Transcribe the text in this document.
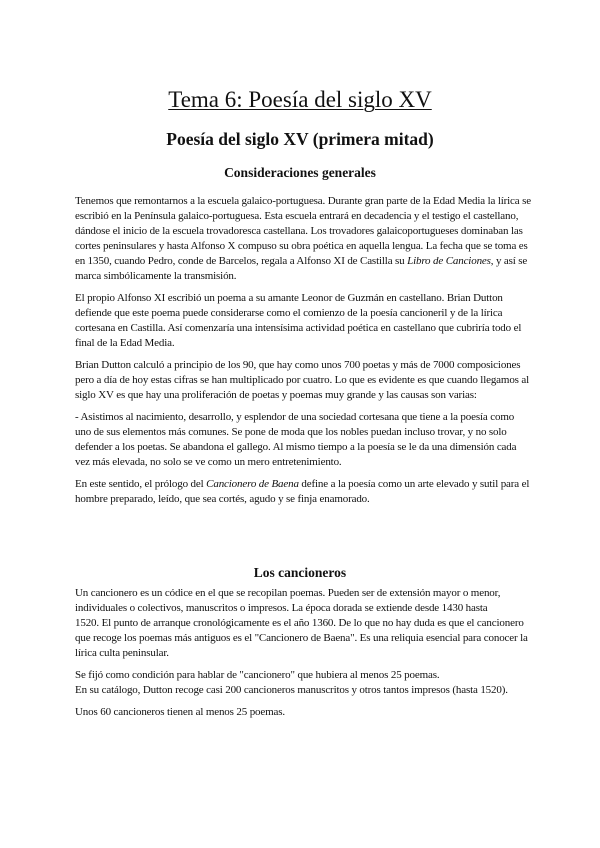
Tema 6: Poesía del siglo XV
Poesía del siglo XV (primera mitad)
Consideraciones generales

Tenemos que remontarnos a la escuela galaico-portuguesa. Durante gran parte de la Edad Media la lírica se escribió en la Península galaico-portuguesa. Esta escuela entrará en decadencia y el testigo el castellano, dándose el inicio de la escuela trovadoresca castellana. Los trovadores galaicoportugueses dominaban las cortes peninsulares y hasta Alfonso X compuso su obra poética en aquella lengua. La fecha que se toma es en 1350, cuando Pedro, conde de Barcelos, regala a Alfonso XI de Castilla su Libro de Canciones, y así se marca simbólicamente la transmisión.

El propio Alfonso XI escribió un poema a su amante Leonor de Guzmán en castellano. Brian Dutton defiende que este poema puede considerarse como el comienzo de la poesía cancioneril y de la lírica cortesana en Castilla. Así comenzaría una intensísima actividad poética en castellano que cubriría todo el final de la Edad Media.

Brian Dutton calculó a principio de los 90, que hay como unos 700 poetas y más de 7000 composiciones pero a día de hoy estas cifras se han multiplicado por cuatro. Lo que es evidente es que cuando llegamos al siglo XV es que hay una proliferación de poetas y poemas muy grande y las causas son varias:

- Asistimos al nacimiento, desarrollo, y esplendor de una sociedad cortesana que tiene a la poesía como uno de sus elementos más comunes. Se pone de moda que los nobles puedan incluso trovar, y no solo defender a los poetas. Se abandona el gallego. Al mismo tiempo a la poesía se le da una dimensión cada vez más elevada, no solo se ve como un mero entretenimiento.

En este sentido, el prólogo del Cancionero de Baena define a la poesía como un arte elevado y sutil para el hombre preparado, leído, que sea cortés, agudo y se finja enamorado.

Los cancioneros

Un cancionero es un códice en el que se recopilan poemas. Pueden ser de extensión mayor o menor, individuales o colectivos, manuscritos o impresos. La época dorada se extiende desde 1430 hasta
1520. El punto de arranque cronológicamente es el año 1360. De lo que no hay duda es que el cancionero que recoge los poemas más antiguos es el "Cancionero de Baena". Es una reliquia esencial para conocer la lírica culta peninsular.

Se fijó como condición para hablar de "cancionero" que hubiera al menos 25 poemas.
En su catálogo, Dutton recoge casi 200 cancioneros manuscritos y otros tantos impresos (hasta 1520).

Unos 60 cancioneros tienen al menos 25 poemas.
